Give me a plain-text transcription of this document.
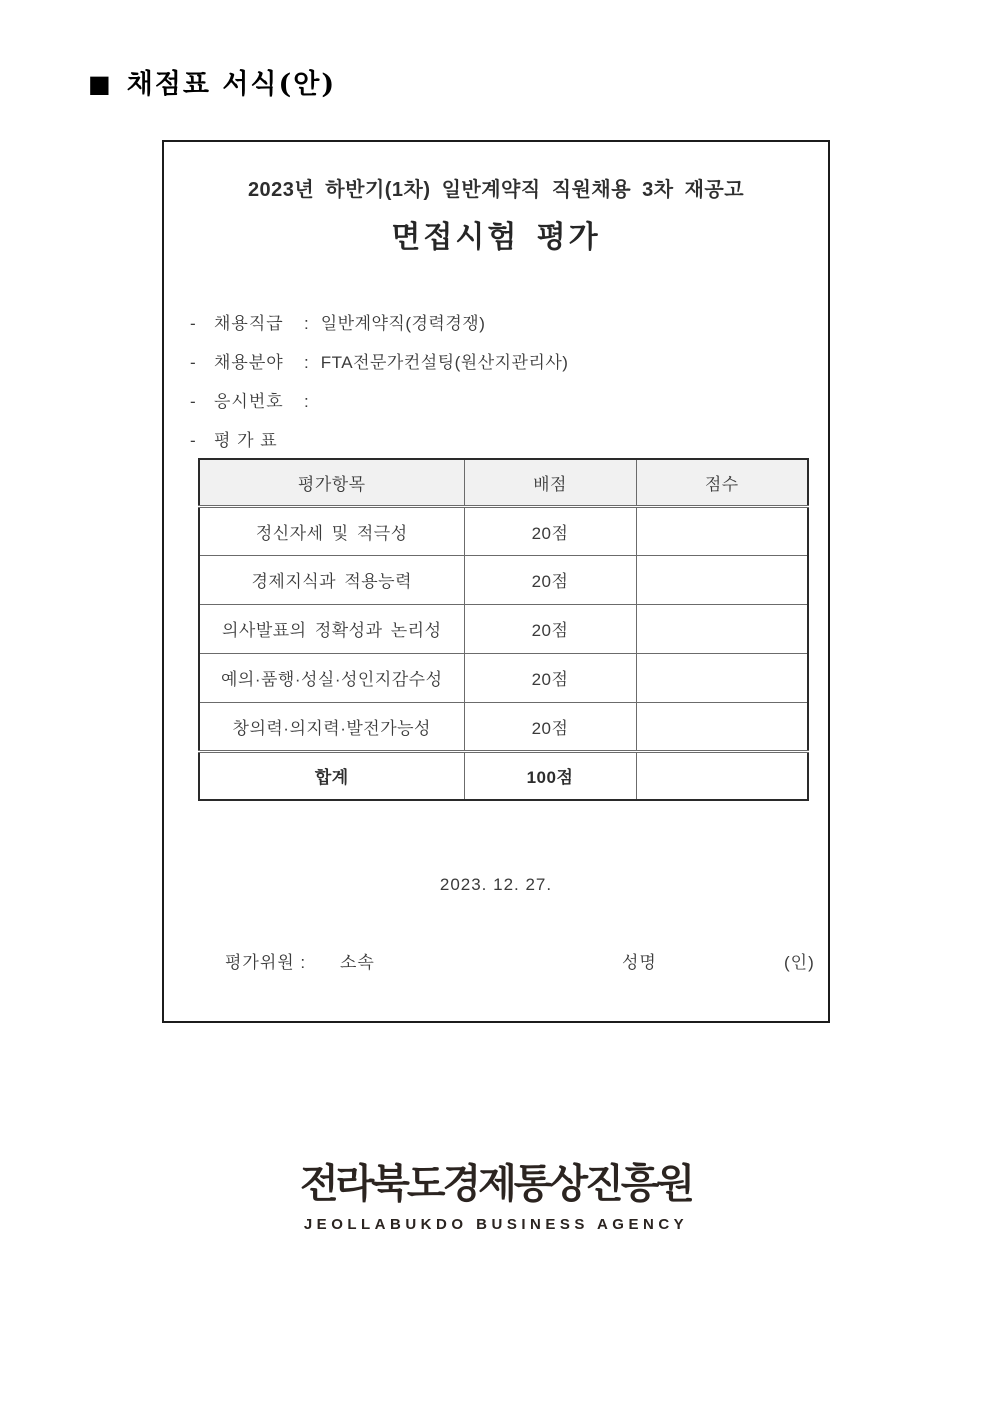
■ 채점표 서식(안)
2023년 하반기(1차) 일반계약직 직원채용 3차 재공고
면접시험 평가
- 채용직급 : 일반계약직(경력경쟁)
- 채용분야 : FTA전문가컨설팅(원산지관리사)
- 응시번호 :
- 평 가 표
평가항목	배점	점수
정신자세 및 적극성	20점	
경제지식과 적용능력	20점	
의사발표의 정확성과 논리성	20점	
예의·품행·성실·성인지감수성	20점	
창의력·의지력·발전가능성	20점	
합계	100점	
2023. 12. 27.
평가위원 : 소속	성명	(인)
전라북도경제통상진흥원
JEOLLABUKDO BUSINESS AGENCY
